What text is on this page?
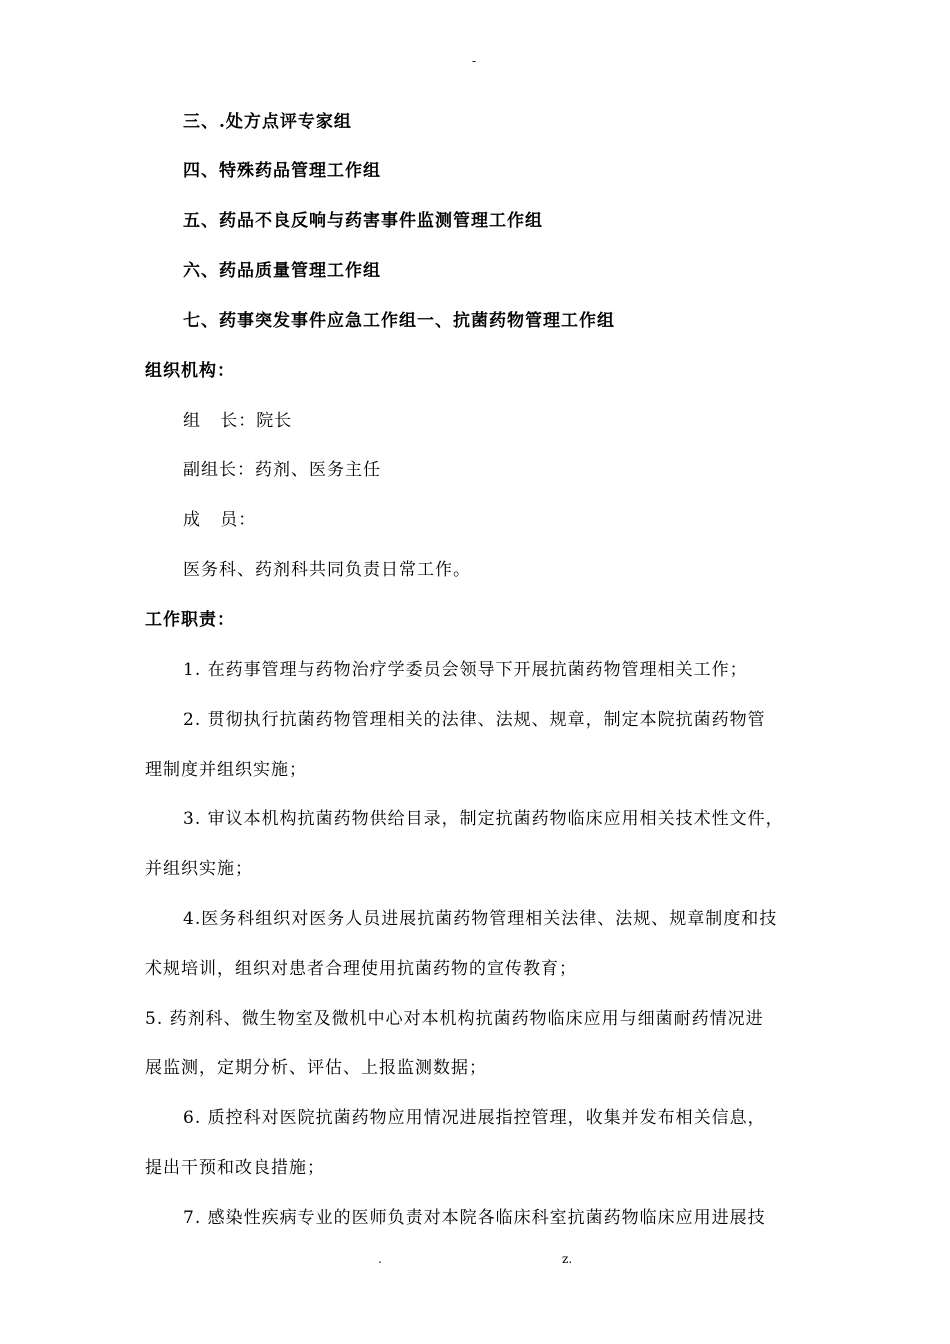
-
三、.处方点评专家组
四、特殊药品管理工作组
五、药品不良反响与药害事件监测管理工作组
六、药品质量管理工作组
七、药事突发事件应急工作组一、抗菌药物管理工作组
组织机构：
组   长：院长
副组长：药剂、医务主任
成   员：
医务科、药剂科共同负责日常工作。
工作职责：
1. 在药事管理与药物治疗学委员会领导下开展抗菌药物管理相关工作；
2. 贯彻执行抗菌药物管理相关的法律、法规、规章，制定本院抗菌药物管
理制度并组织实施；
3. 审议本机构抗菌药物供给目录，制定抗菌药物临床应用相关技术性文件，
并组织实施；
4.医务科组织对医务人员进展抗菌药物管理相关法律、法规、规章制度和技
术规培训，组织对患者合理使用抗菌药物的宣传教育；
5. 药剂科、微生物室及微机中心对本机构抗菌药物临床应用与细菌耐药情况进
展监测，定期分析、评估、上报监测数据；
6. 质控科对医院抗菌药物应用情况进展指控管理，收集并发布相关信息，
提出干预和改良措施；
7. 感染性疾病专业的医师负责对本院各临床科室抗菌药物临床应用进展技
.	z.
